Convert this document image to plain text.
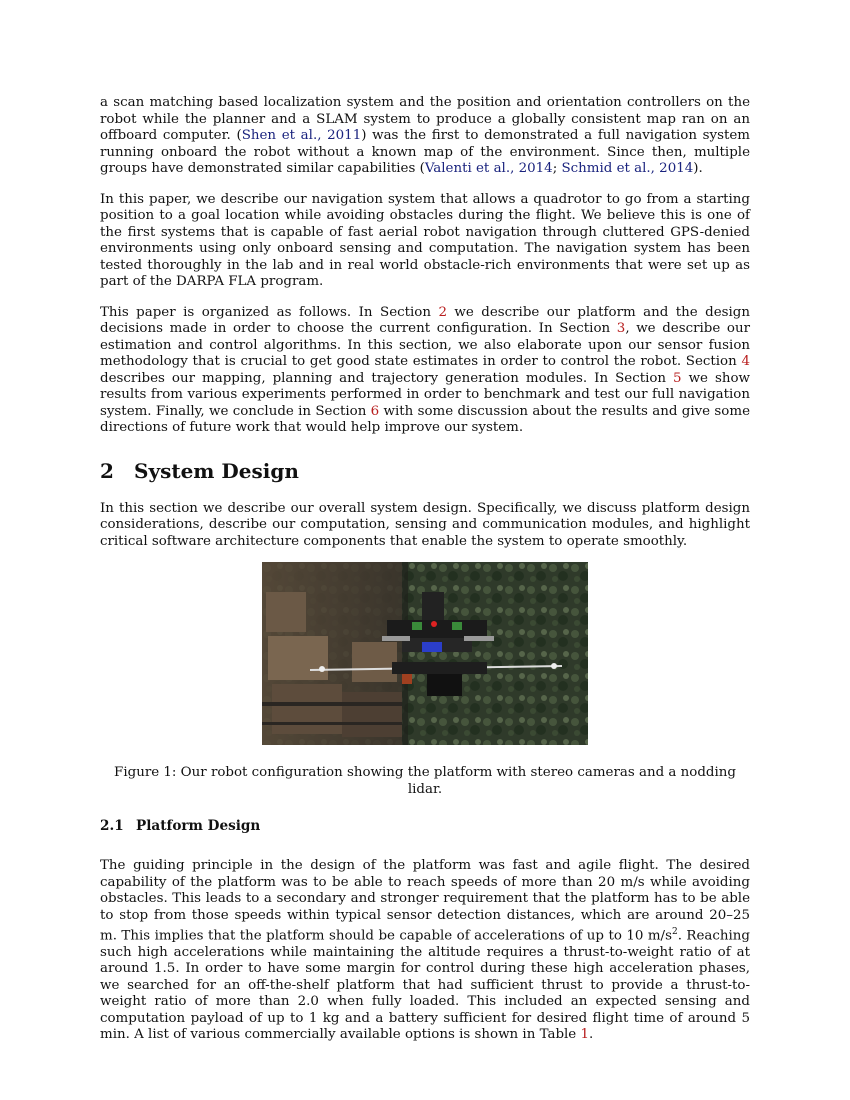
a scan matching based localization system and the position and orientation controllers on the robot while the planner and a SLAM system to produce a globally consistent map ran on an offboard computer. (Shen et al., 2011) was the first to demonstrated a full navigation system running onboard the robot without a known map of the environment. Since then, multiple groups have demonstrated similar capabilities (Valenti et al., 2014; Schmid et al., 2014).

In this paper, we describe our navigation system that allows a quadrotor to go from a starting position to a goal location while avoiding obstacles during the flight. We believe this is one of the first systems that is capable of fast aerial robot navigation through cluttered GPS-denied environments using only onboard sensing and computation. The navigation system has been tested thoroughly in the lab and in real world obstacle-rich environments that were set up as part of the DARPA FLA program.

This paper is organized as follows. In Section 2 we describe our platform and the design decisions made in order to choose the current configuration. In Section 3, we describe our estimation and control algorithms. In this section, we also elaborate upon our sensor fusion methodology that is crucial to get good state estimates in order to control the robot. Section 4 describes our mapping, planning and trajectory generation modules. In Section 5 we show results from various experiments performed in order to benchmark and test our full navigation system. Finally, we conclude in Section 6 with some discussion about the results and give some directions of future work that would help improve our system.

2 System Design

In this section we describe our overall system design. Specifically, we discuss platform design considerations, describe our computation, sensing and communication modules, and highlight critical software architecture components that enable the system to operate smoothly.

Figure 1: Our robot configuration showing the platform with stereo cameras and a nodding lidar.

2.1 Platform Design

The guiding principle in the design of the platform was fast and agile flight. The desired capability of the platform was to be able to reach speeds of more than 20 m/s while avoiding obstacles. This leads to a secondary and stronger requirement that the platform has to be able to stop from those speeds within typical sensor detection distances, which are around 20–25 m. This implies that the platform should be capable of accelerations of up to 10 $m/s^2$. Reaching such high accelerations while maintaining the altitude requires a thrust-to-weight ratio of at around 1.5. In order to have some margin for control during these high acceleration phases, we searched for an off-the-shelf platform that had sufficient thrust to provide a thrust-to-weight ratio of more than 2.0 when fully loaded. This included an expected sensing and computation payload of up to 1 kg and a battery sufficient for desired flight time of around 5 min. A list of various commercially available options is shown in Table 1.
